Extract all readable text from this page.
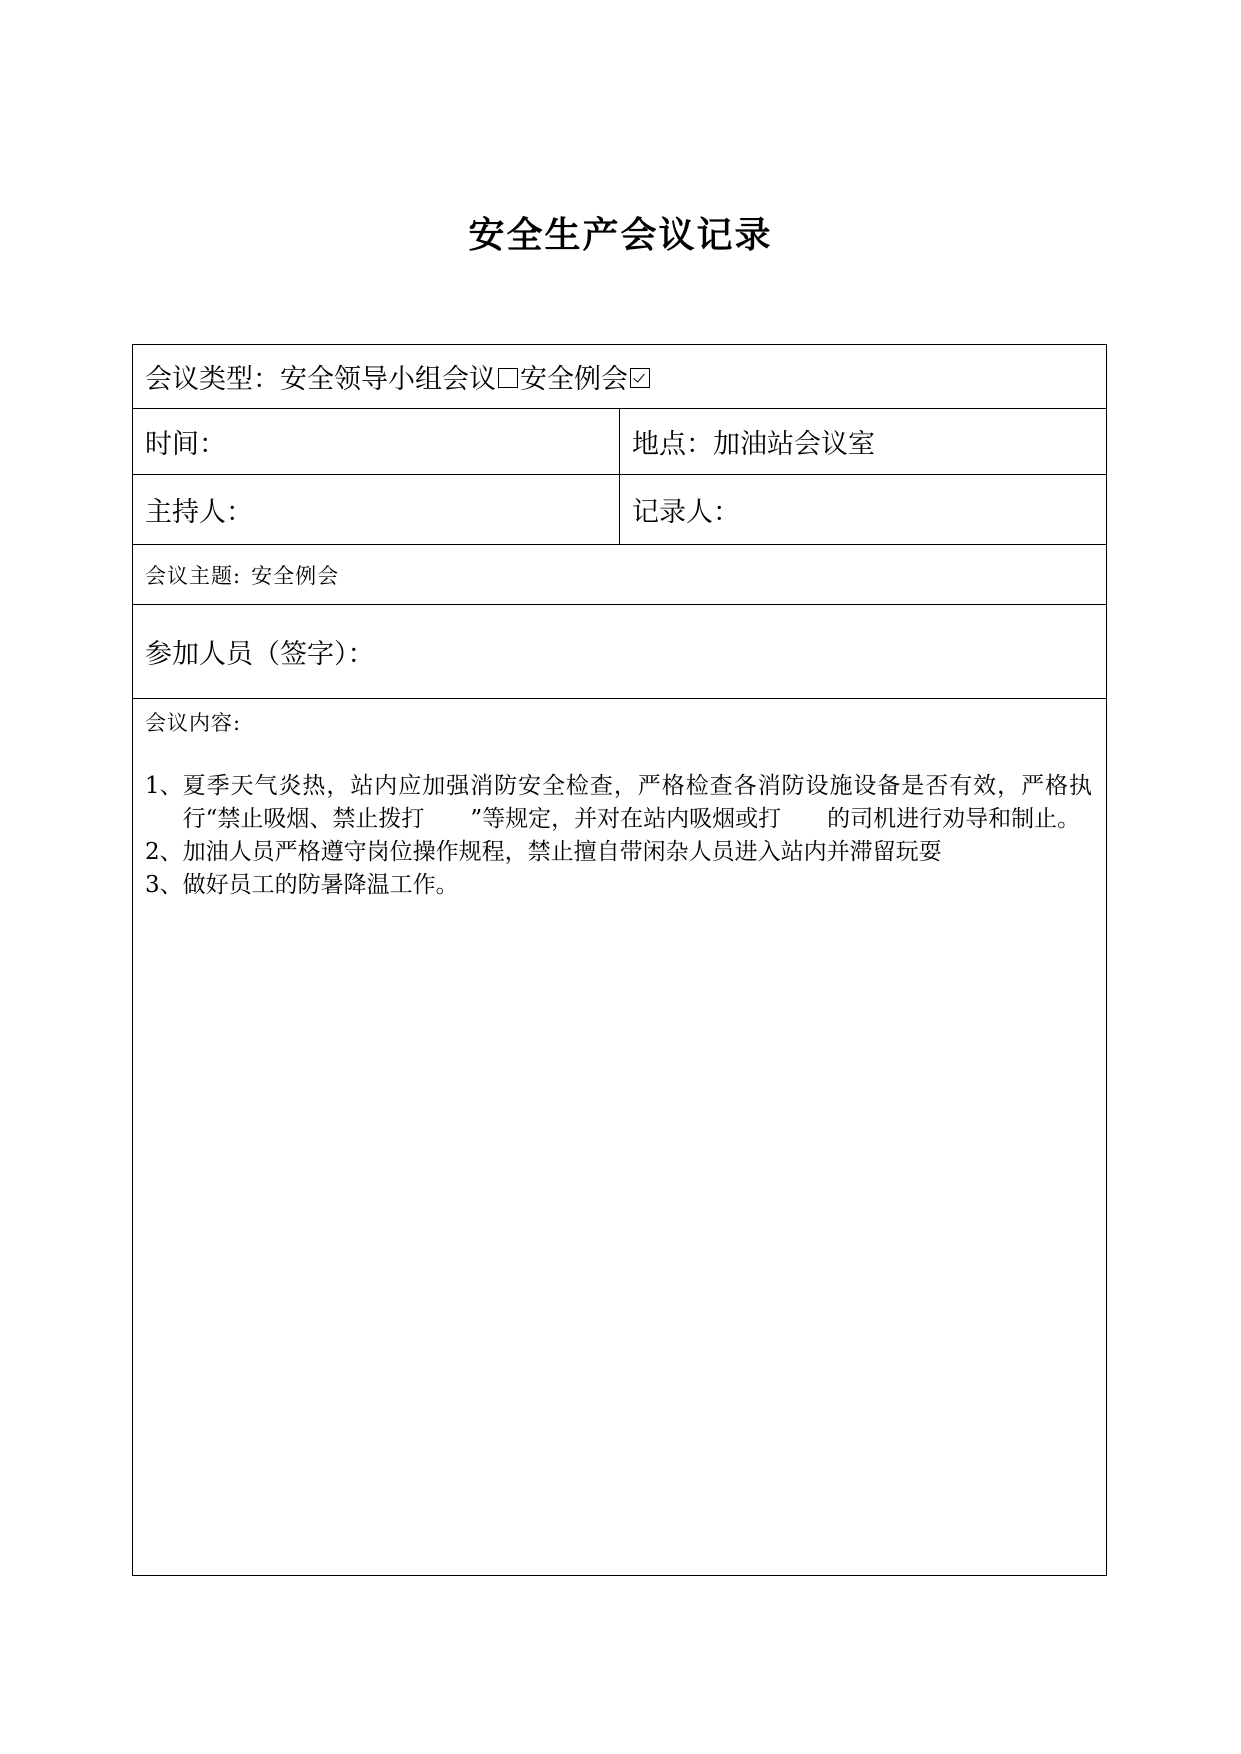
安全生产会议记录
会议类型： 安全领导小组会议 安全例会
时间：	地点： 加油站会议室
主持人：	记录人：
会议主题: 安全例会
参加人员（签字）：
会议内容:
1、 夏季天气炎热，站内应加强消防安全检查，严格检查各消防设施设备是否有效，严格执行“禁止吸烟、禁止拨打　　”等规定，并对在站内吸烟或打　　的司机进行劝导和制止。
2、 加油人员严格遵守岗位操作规程，禁止擅自带闲杂人员进入站内并滞留玩耍
3、 做好员工的防暑降温工作。
